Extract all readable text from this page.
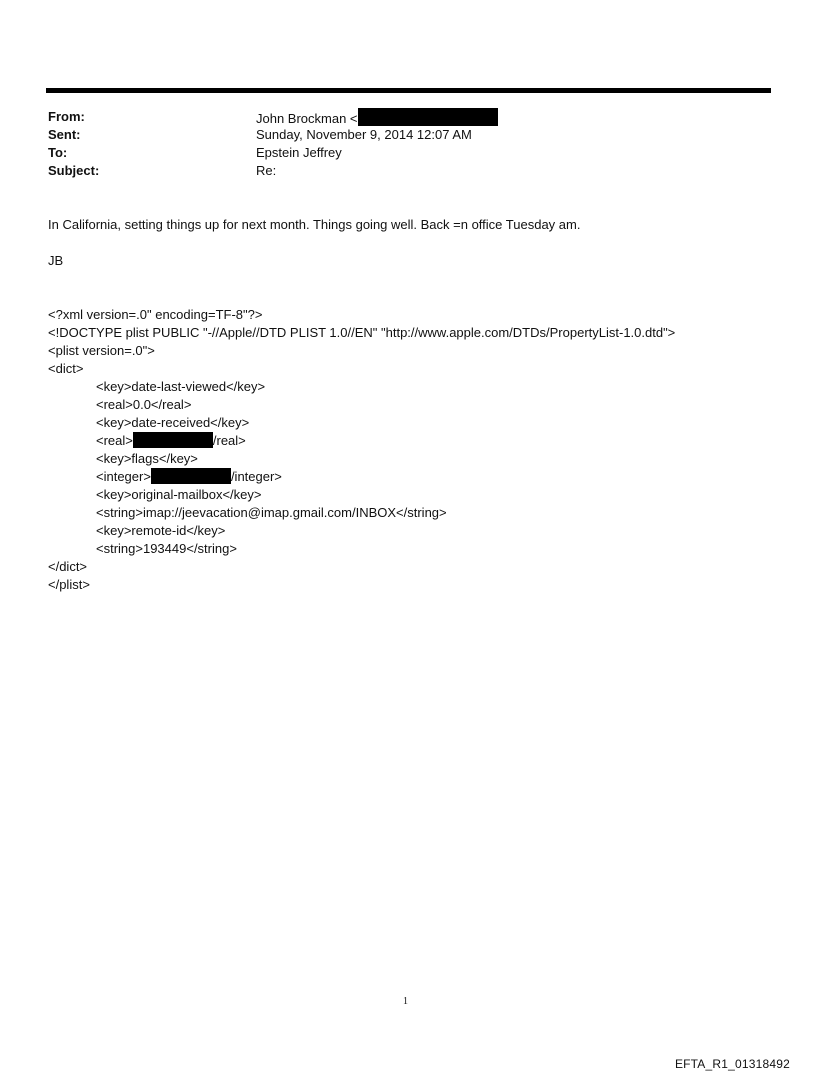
From:	John Brockman <
Sent:	Sunday, November 9, 2014 12:07 AM
To:	Epstein Jeffrey
Subject:	Re:
In California, setting things up for next month. Things going well. Back =n office Tuesday am.
JB
<?xml version=.0" encoding=TF-8"?>
<!DOCTYPE plist PUBLIC "-//Apple//DTD PLIST 1.0//EN" "http://www.apple.com/DTDs/PropertyList-1.0.dtd">
<plist version=.0">
<dict>
<key>date-last-viewed</key>
<real>0.0</real>
<key>date-received</key>
<real>	/real>
<key>flags</key>
<integer>	/integer>
<key>original-mailbox</key>
<string>imap://jeevacation@imap.gmail.com/INBOX</string>
<key>remote-id</key>
<string>193449</string>
</dict>
</plist>
1
EFTA_R1_01318492
